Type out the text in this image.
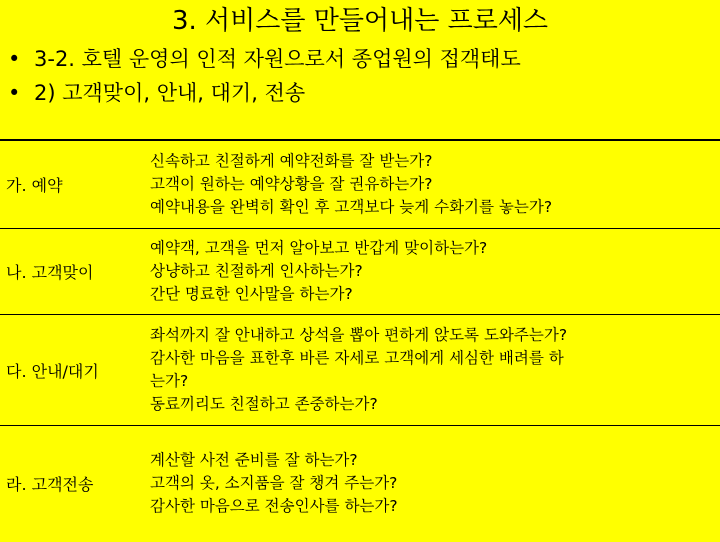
3. 서비스를 만들어내는 프로세스
• 3-2. 호텔 운영의 인적 자원으로서 종업원의 접객태도
• 2) 고객맞이, 안내, 대기, 전송
가. 예약
신속하고 친절하게 예약전화를 잘 받는가?
고객이 원하는 예약상황을 잘 권유하는가?
예약내용을 완벽히 확인 후 고객보다 늦게 수화기를 놓는가?
나. 고객맞이
예약객, 고객을 먼저 알아보고 반갑게 맞이하는가?
상냥하고 친절하게 인사하는가?
간단 명료한 인사말을 하는가?
다. 안내/대기
좌석까지 잘 안내하고 상석을 뽑아 편하게 앉도록 도와주는가?
감사한 마음을 표한후 바른 자세로 고객에게 세심한 배려를 하
는가?
동료끼리도 친절하고 존중하는가?
라. 고객전송
계산할 사전 준비를 잘 하는가?
고객의 옷, 소지품을 잘 챙겨 주는가?
감사한 마음으로 전송인사를 하는가?
